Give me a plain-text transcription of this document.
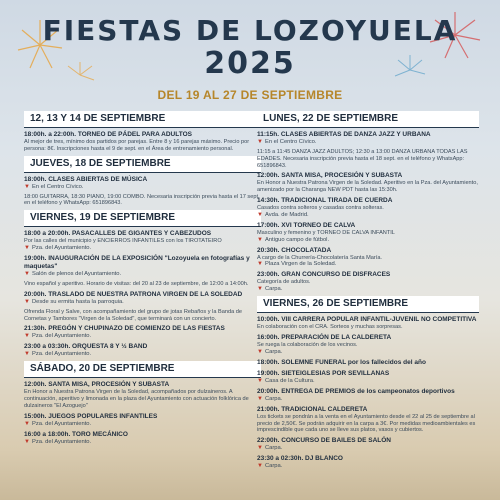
FIESTAS DE LOZOYUELA
2025
DEL 19 AL 27 DE SEPTIEMBRE
12, 13 Y 14 DE SEPTIEMBRE
18:00h. a 22:00h. TORNEO DE PÁDEL PARA ADULTOS
Al mejor de tres, mínimo dos partidos por parejas. Entre 8 y 16 parejas máximo. Precio por persona: 8€. Inscripciones hasta el 9 de sept. en el Área de entrenamiento personal.
JUEVES, 18 DE SEPTIEMBRE
18:00h. CLASES ABIERTAS DE MÚSICA
▼ En el Centro Cívico.
18:00 GUITARRA, 18:30 PIANO, 19:00 COMBO. Necesaria inscripción previa hasta el 17 sept. en el teléfono y WhatsApp: 651896843.
VIERNES, 19 DE SEPTIEMBRE
18:00 a 20:00h. PASACALLES DE GIGANTES Y CABEZUDOS
Por las calles del municipio y ENCIERROS INFANTILES con los TIROTATEIRO
▼ Pza. del Ayuntamiento.
19:00h. INAUGURACIÓN DE LA EXPOSICIÓN "Lozoyuela en fotografías y maquetas"
▼ Salón de plenos del Ayuntamiento.
Vino español y aperitivo. Horario de visitas: del 20 al 23 de septiembre, de 12:00 a 14:00h.
20:00h. TRASLADO DE NUESTRA PATRONA VIRGEN DE LA SOLEDAD
▼ Desde su ermita hasta la parroquia.
Ofrenda Floral y Salve, con acompañamiento del grupo de jotas Rebaños y la Banda de Cornetas y Tambores "Virgen de la Soledad", que terminará con un concierto.
21:30h. PREGÓN Y CHUPINAZO DE COMIENZO DE LAS FIESTAS
▼ Pza. del Ayuntamiento.
23:00 a 03:30h. ORQUESTA 8 Y ½ BAND
▼ Pza. del Ayuntamiento.
SÁBADO, 20 DE SEPTIEMBRE
12:00h. SANTA MISA, PROCESIÓN Y SUBASTA
En Honor a Nuestra Patrona Virgen de la Soledad, acompañados por dulzaineros. A continuación, aperitivo y limonada en la plaza del Ayuntamiento con actuación folklórica de dulzaineros "El Azoguejo"
15:00h. JUEGOS POPULARES INFANTILES
▼ Pza. del Ayuntamiento.
16:00 a 18:00h. TORO MECÁNICO
▼ Pza. del Ayuntamiento.
LUNES, 22 DE SEPTIEMBRE
11:15h. CLASES ABIERTAS DE DANZA JAZZ Y URBANA
▼ En el Centro Cívico.
11:15 a 11:45 DANZA JAZZ ADULTOS; 12:30 a 13:00 DANZA URBANA TODAS LAS EDADES. Necesaria inscripción previa hasta el 18 sept. en el teléfono y WhatsApp: 651896843.
12:00h. SANTA MISA, PROCESIÓN Y SUBASTA
En Honor a Nuestra Patrona Virgen de la Soledad. Aperitivo en la Pza. del Ayuntamiento, amenizado por la Charanga NEW PDT hasta las 15:30h.
14:30h. TRADICIONAL TIRADA DE CUERDA
Casados contra solteros y casadas contra solteras.
▼ Avda. de Madrid.
17:00h. XVI TORNEO DE CALVA
Masculino y femenino y TORNEO DE CALVA INFANTIL
▼ Antiguo campo de fútbol.
20:30h. CHOCOLATADA
A cargo de la Churrería-Chocolatería Santa María.
▼ Plaza Virgen de la Soledad.
23:00h. GRAN CONCURSO DE DISFRACES
Categoría de adultos.
▼ Carpa.
VIERNES, 26 DE SEPTIEMBRE
10:00h. VIII CARRERA POPULAR INFANTIL-JUVENIL NO COMPETITIVA
En colaboración con el CRA. Sorteos y muchas sorpresas.
16:00h. PREPARACIÓN DE LA CALDERETA
Se ruega la colaboración de los vecinos.
▼ Carpa.
18:00h. SOLEMNE FUNERAL por los fallecidos del año
19:00h. SIETEIGLESIAS POR SEVILLANAS
▼ Casa de la Cultura.
20:00h. ENTREGA DE PREMIOS de los campeonatos deportivos
▼ Carpa.
21:00h. TRADICIONAL CALDERETA
Los tickets se pondrán a la venta en el Ayuntamiento desde el 22 al 25 de septiembre al precio de 2,50€. Se podrán adquirir en la carpa a 3€. Por medidas medioambientales es imprescindible que cada uno se lleve sus platos, vasos y cubiertos.
22:00h. CONCURSO DE BAILES DE SALÓN
▼ Carpa.
23:30 a 02:30h. DJ BLANCO
▼ Carpa.
